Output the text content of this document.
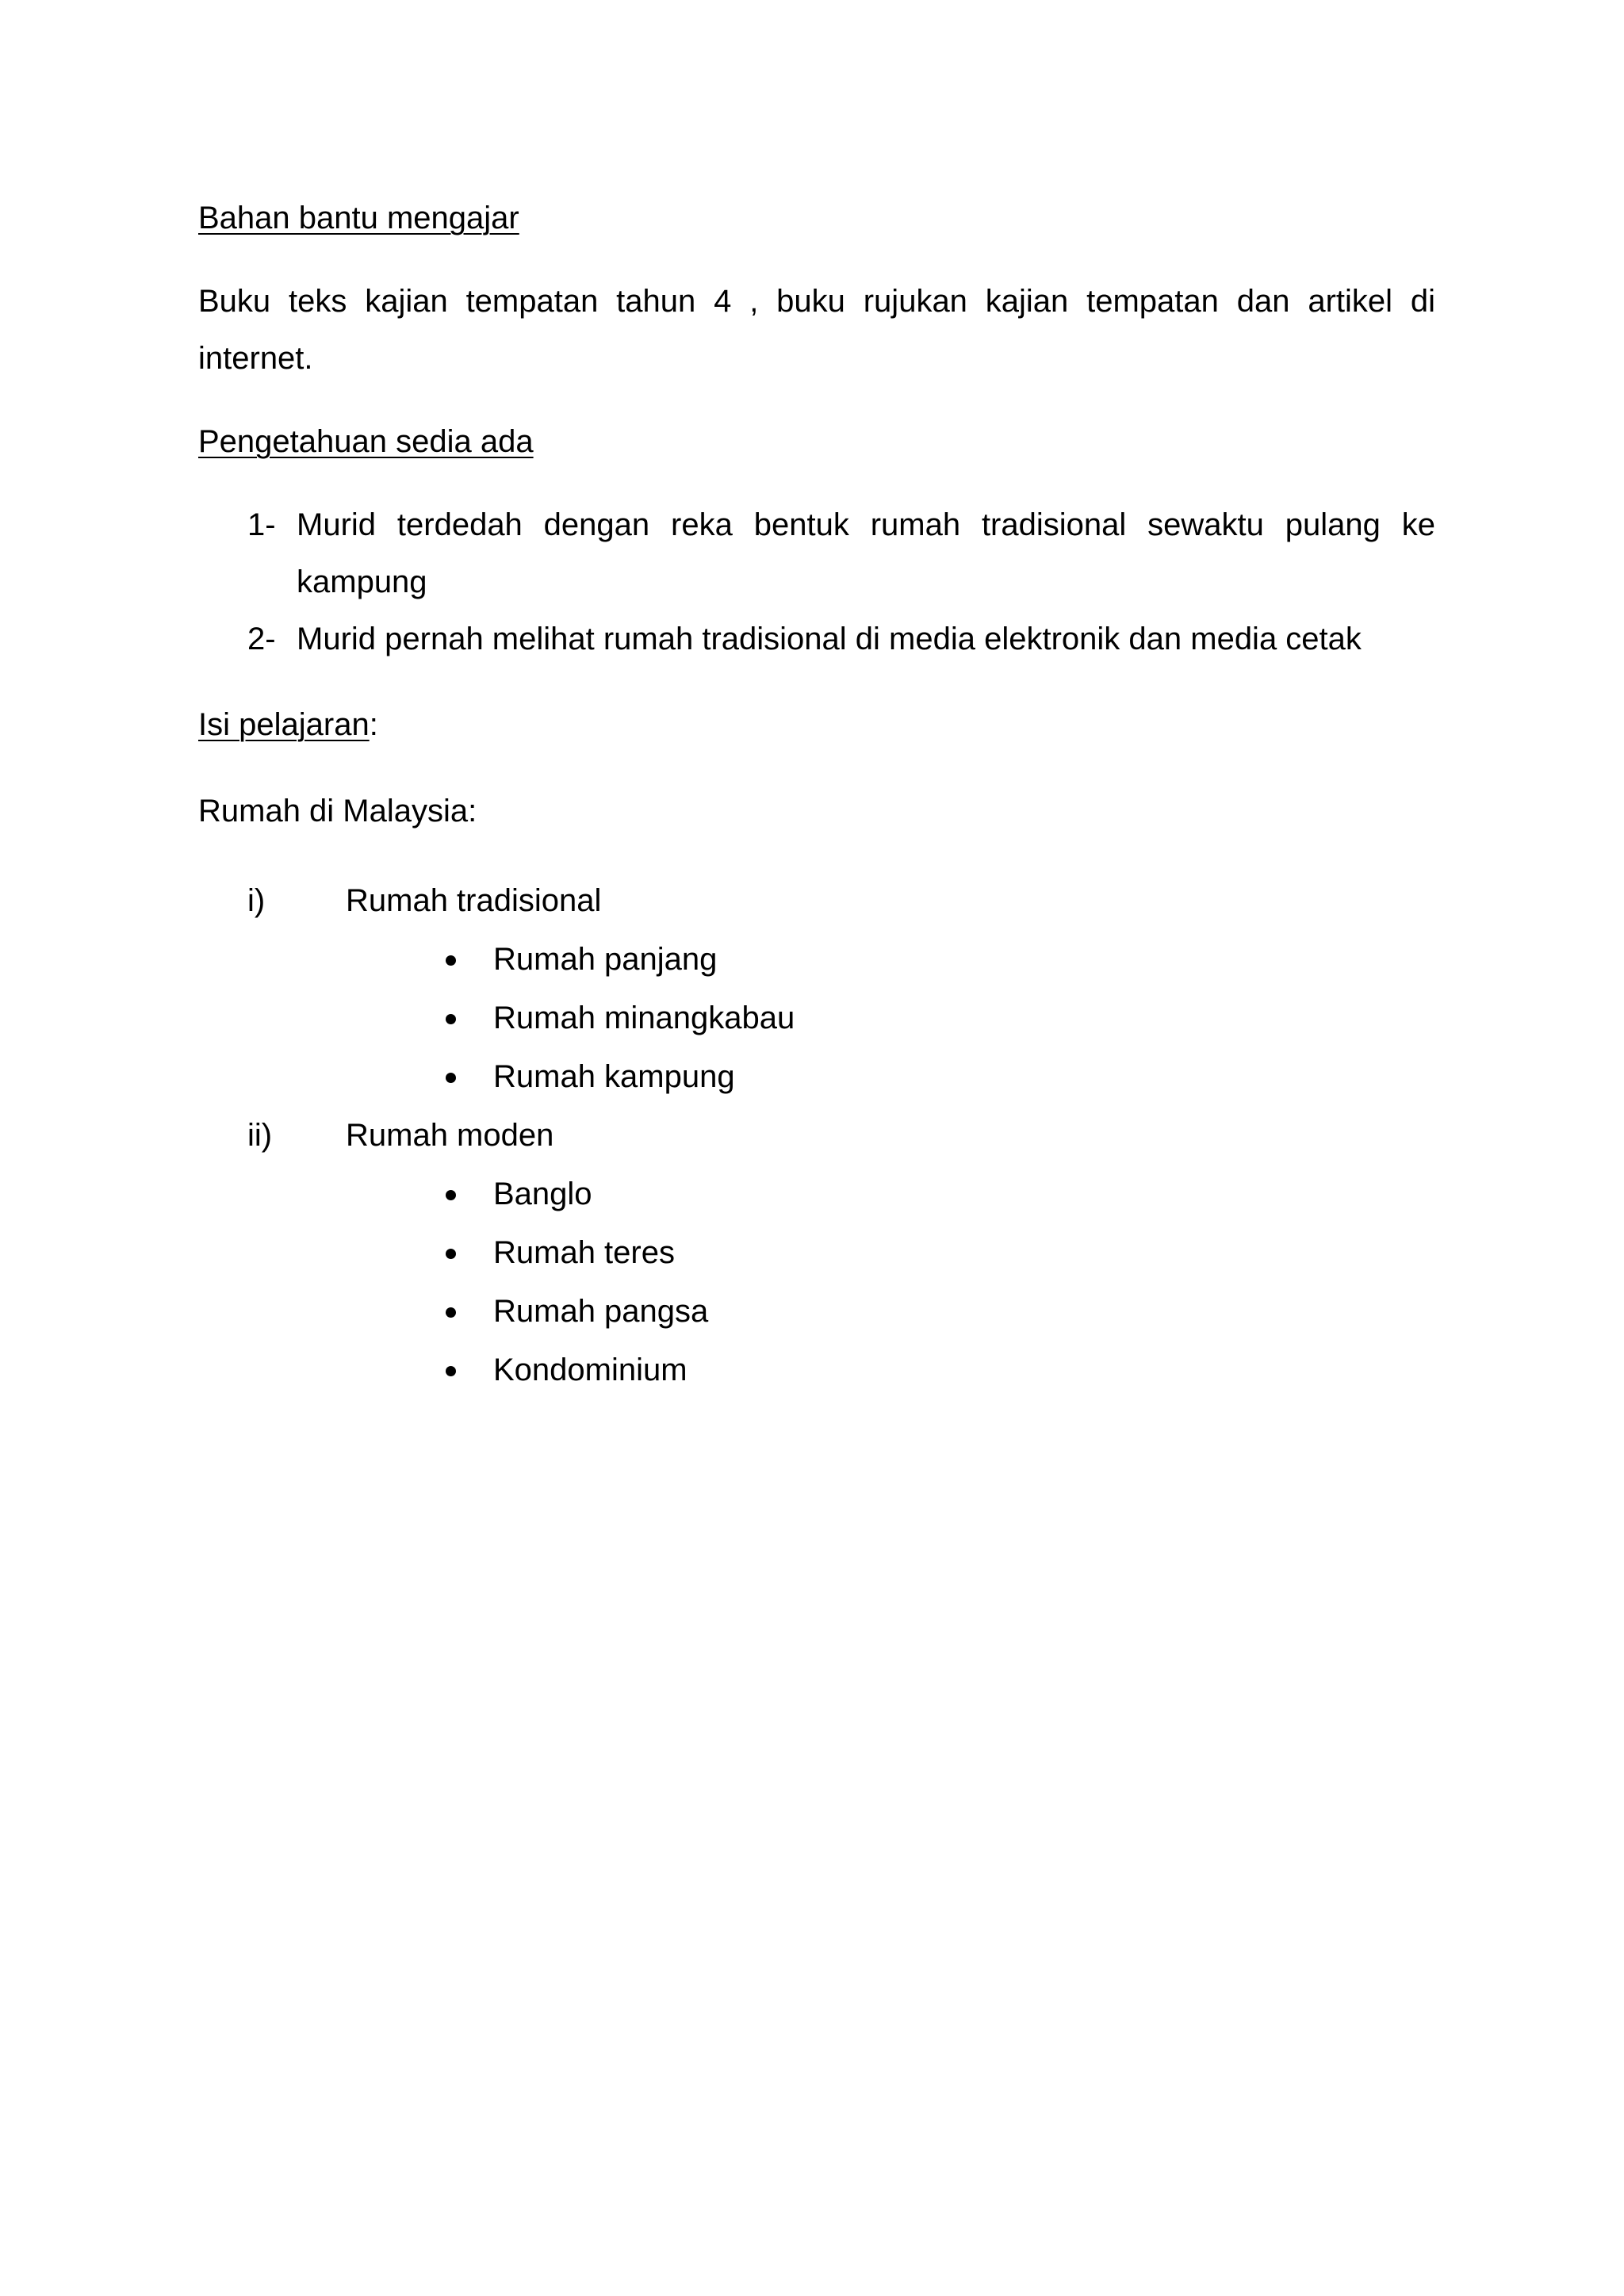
Bahan bantu mengajar
Buku teks kajian tempatan tahun 4 , buku rujukan kajian tempatan dan artikel di internet.
Pengetahuan sedia ada
1- Murid terdedah dengan reka bentuk rumah tradisional sewaktu pulang ke kampung
2- Murid pernah melihat rumah tradisional di media elektronik dan media cetak
Isi pelajaran:
Rumah di Malaysia:
i)	Rumah tradisional
Rumah panjang
Rumah minangkabau
Rumah kampung
ii)	Rumah moden
Banglo
Rumah teres
Rumah pangsa
Kondominium
